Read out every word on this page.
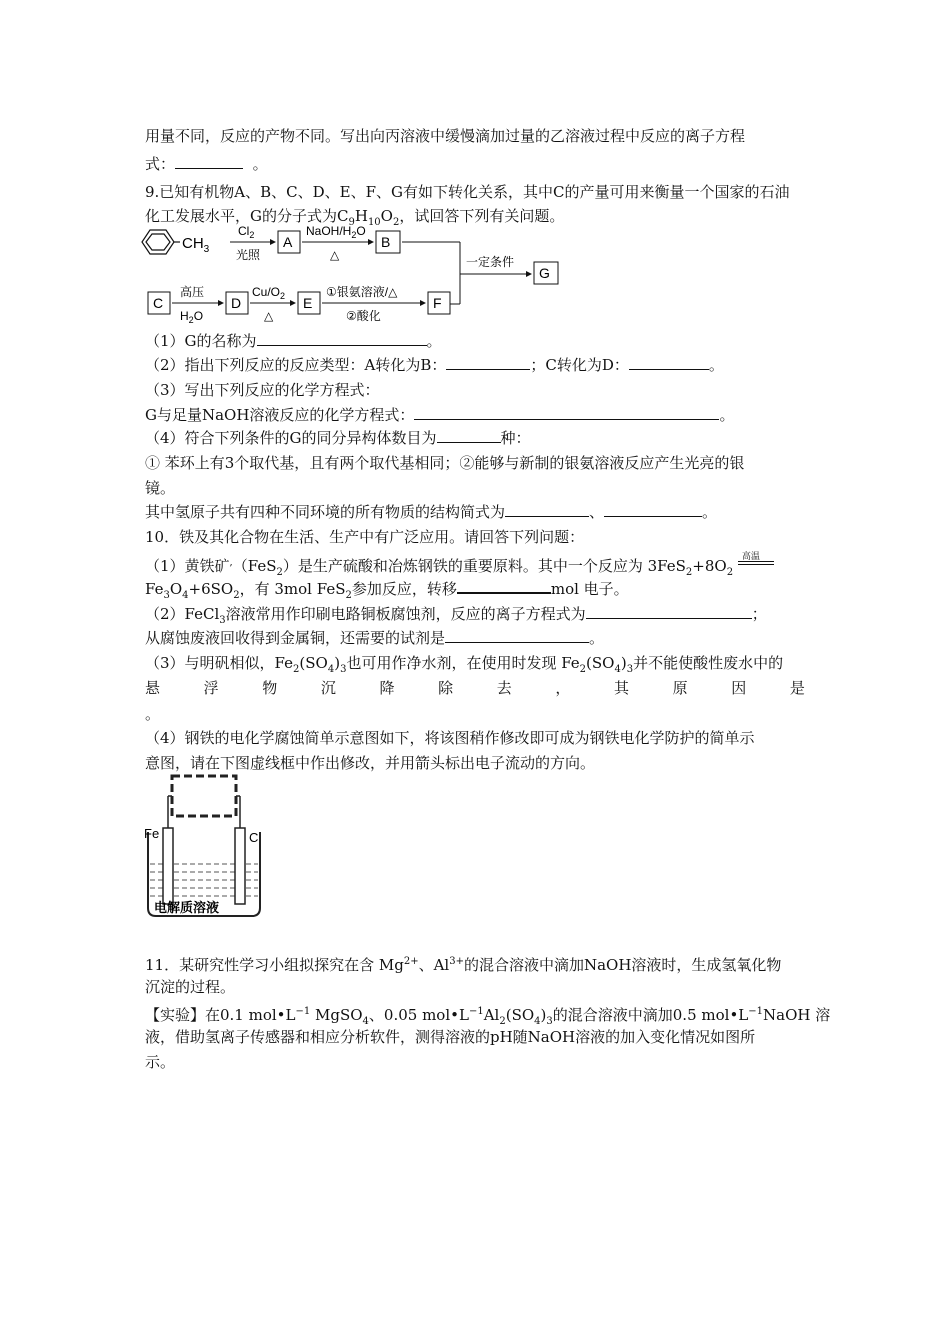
用量不同，反应的产物不同。写出向丙溶液中缓慢滴加过量的乙溶液过程中反应的离子方程
式：	。
9.已知有机物A、B、C、D、E、F、G有如下转化关系，其中C的产量可用来衡量一个国家的石油
化工发展水平，G的分子式为$C_9H_{10}O_2$，试回答下列有关问题。
$CH_3$
$Cl_2$
光照
A
NaOH/$H_2O$
△
B
一定条件
G
C
高压
$H_2O$
D
$Cu/O_2$
△
E
①银氨溶液/△
②酸化
F
（1）G的名称为	。
（2）指出下列反应的反应类型：A转化为B：	；C转化为D：	。
（3）写出下列反应的化学方程式：
G与足量NaOH溶液反应的化学方程式：	。
（4）符合下列条件的G的同分异构体数目为	种：
① 苯环上有3个取代基，且有两个取代基相同；②能够与新制的银氨溶液反应产生光亮的银
镜。
其中氢原子共有四种不同环境的所有物质的结构简式为	、	。
10．铁及其化合物在生活、生产中有广泛应用。请回答下列问题：
（1）黄铁矿,（FeS$_2$）是生产硫酸和冶炼钢铁的重要原料。其中一个反应为 $3FeS_2+8O_2$
高温
$Fe_3O_4+6SO_2$，有 3mol FeS$_2$参加反应，转移	mol 电子。
（2）FeCl$_3$溶液常用作印刷电路铜板腐蚀剂，反应的离子方程式为	；
从腐蚀废液回收得到金属铜，还需要的试剂是	。
（3）与明矾相似，$Fe_2(SO_4)_3$也可用作净水剂，在使用时发现 $Fe_2(SO_4)_3$并不能使酸性废水中的
悬	浮	物	沉	降	除	去	，	其	原	因	是
。
（4）钢铁的电化学腐蚀简单示意图如下，将该图稍作修改即可成为钢铁电化学防护的简单示
意图，请在下图虚线框中作出修改，并用箭头标出电子流动的方向。
Fe	C
电解质溶液
11．某研究性学习小组拟探究在含 $Mg^{2+}$、$Al^{3+}$的混合溶液中滴加NaOH溶液时，生成氢氧化物
沉淀的过程。
【实验】在0.1 $mol•L^{-1}$ MgSO$_4$、0.05 $mol•L^{-1}Al_2(SO_4)_3$的混合溶液中滴加0.5 $mol•L^{-1}NaOH$ 溶
液，借助氢离子传感器和相应分析软件，测得溶液的pH随NaOH溶液的加入变化情况如图所
示。
